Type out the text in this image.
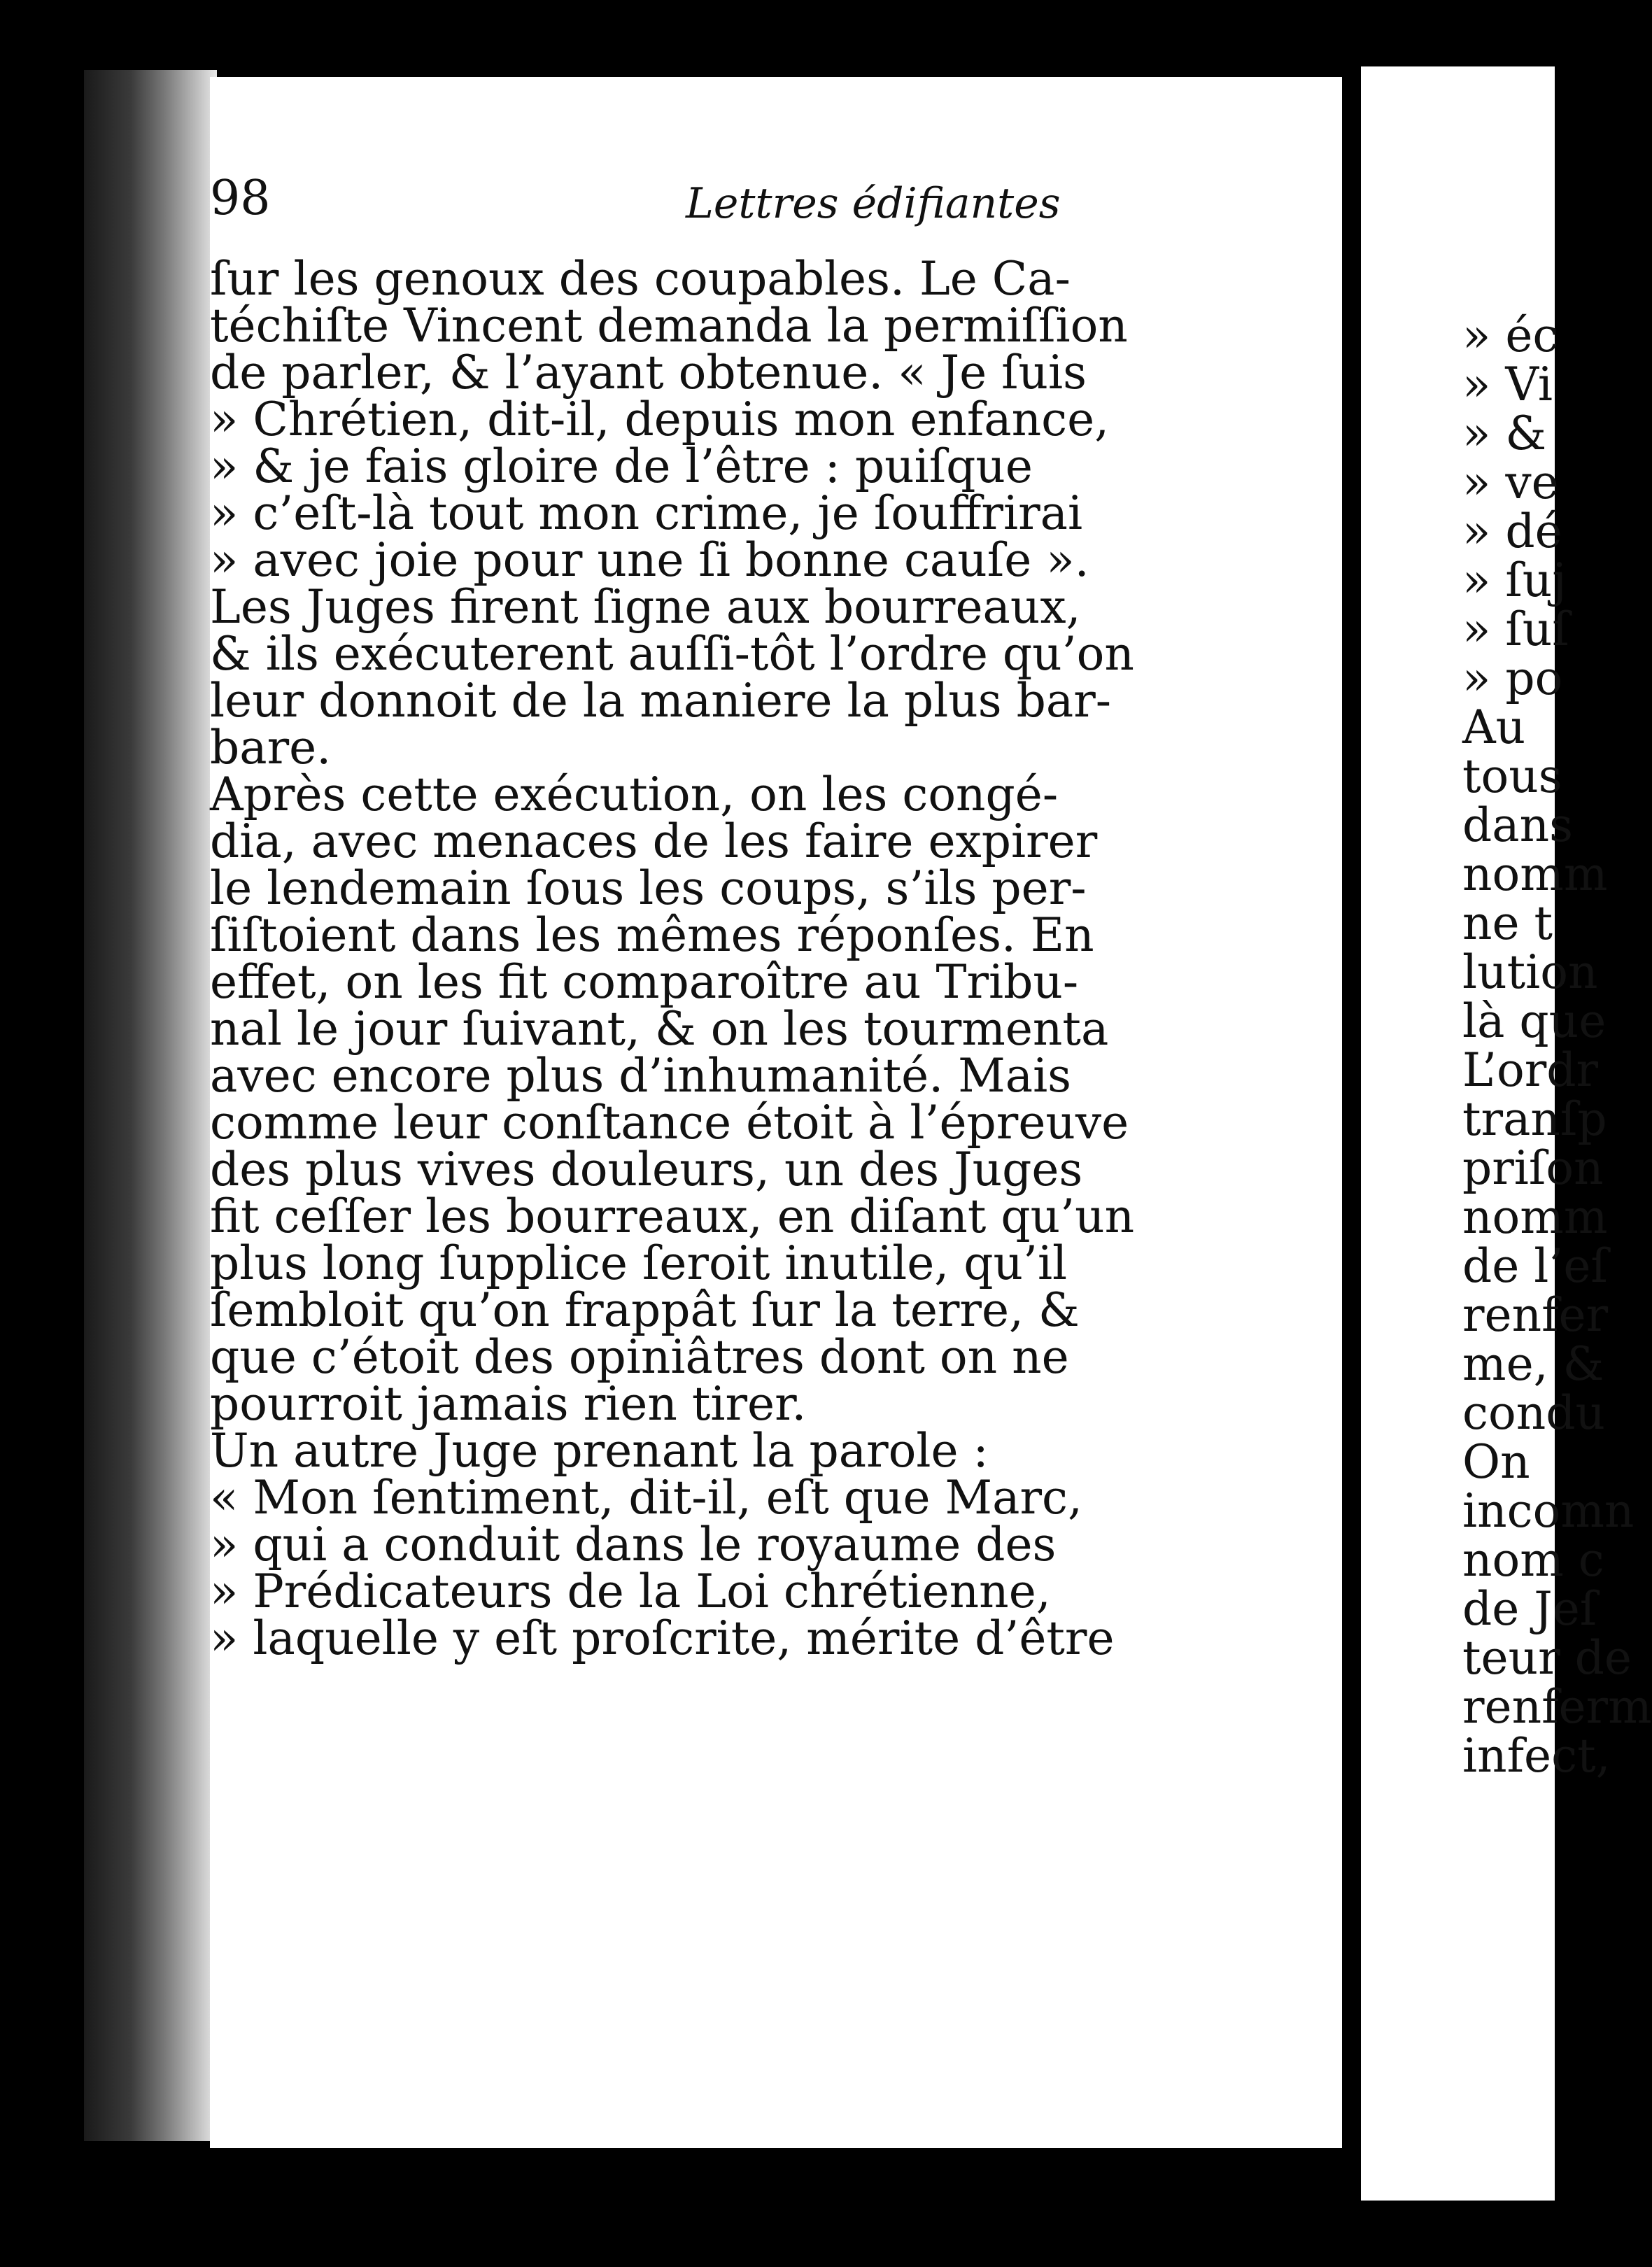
98	Lettres édifiantes
ſur les genoux des coupables. Le Ca-
téchiſte Vincent demanda la permiſſion
de parler, & l’ayant obtenue. « Je ſuis
» Chrétien, dit-il, depuis mon enfance,
» & je fais gloire de l’être : puiſque
» c’eſt-là tout mon crime, je ſouffrirai
» avec joie pour une ſi bonne cauſe ».
Les Juges firent ſigne aux bourreaux,
& ils exécuterent auſſi-tôt l’ordre qu’on
leur donnoit de la maniere la plus bar-
bare.
Après cette exécution, on les congé-
dia, avec menaces de les faire expirer
le lendemain ſous les coups, s’ils per-
ſiſtoient dans les mêmes réponſes. En
effet, on les fit comparoître au Tribu-
nal le jour ſuivant, & on les tourmenta
avec encore plus d’inhumanité. Mais
comme leur conſtance étoit à l’épreuve
des plus vives douleurs, un des Juges
fit ceſſer les bourreaux, en diſant qu’un
plus long ſupplice ſeroit inutile, qu’il
ſembloit qu’on frappât ſur la terre, &
que c’étoit des opiniâtres dont on ne
pourroit jamais rien tirer.
Un autre Juge prenant la parole :
« Mon ſentiment, dit-il, eſt que Marc,
» qui a conduit dans le royaume des
» Prédicateurs de la Loi chrétienne,
» laquelle y eſt proſcrite, mérite d’être
» éc
» Vi
» &
» ve
» dé
» ſuj
» ſuſ
» po
Au
tous
dans
nomm
ne t
lution
là que
L’ordr
tranſp
priſon
nomm
de l’eſ
renfer
me, &
condu
On
incomn
nom c
de Jeſ
teur de
renferm
infect,
